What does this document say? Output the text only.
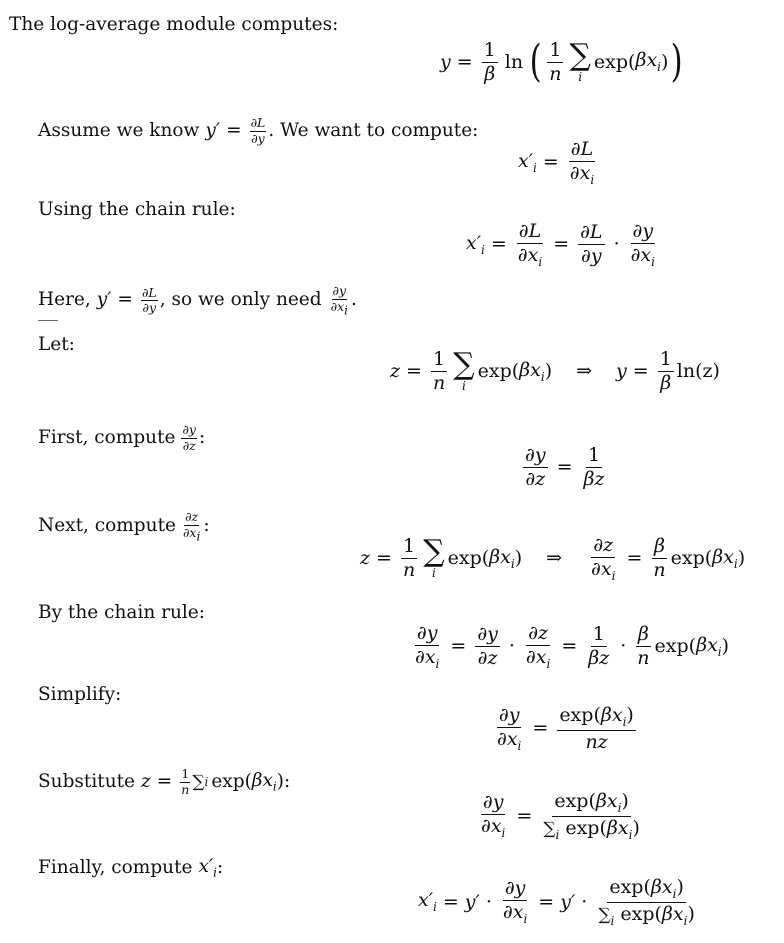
The log-average module computes:
$y = \frac{1}{\beta}$ ln ( $\frac{1}{n}$ ∑
i
exp ( $\beta x_i$ ) )
Assume we know $y' = \frac{\partial L}{\partial y}$ . We want to compute:
$x'_i = \frac{\partial L}{\partial x_i}$
Using the chain rule:
$x'_i = \frac{\partial L}{\partial x_i} = \frac{\partial L}{\partial y} \cdot \frac{\partial y}{\partial x_i}$
Here, $y' = \frac{\partial L}{\partial y}$ , so we only need $\frac{\partial y}{\partial x_i}$ .
Let:
$z = \frac{1}{n}$ ∑
i
exp ( $\beta x_i$ ) ⇒ $y = \frac{1}{\beta} \ln(z)$
First, compute $\frac{\partial y}{\partial z}$ :
$\frac{\partial y}{\partial z} = \frac{1}{\beta z}$
Next, compute $\frac{\partial z}{\partial x_i}$ :
$z = \frac{1}{n}$ ∑
i
exp ( $\beta x_i$ ) ⇒ $\frac{\partial z}{\partial x_i} = \frac{\beta}{n}$ exp ( $\beta x_i$ )
By the chain rule:
$\frac{\partial y}{\partial x_i} = \frac{\partial y}{\partial z} \cdot \frac{\partial z}{\partial x_i} = \frac{1}{\beta z} \cdot \frac{\beta}{n}$ exp ( $\beta x_i$ )
Simplify:
$\frac{\partial y}{\partial x_i} = \frac{\exp(\beta x_i)}{nz}$
Substitute $z = \frac{1}{n}$ ∑ i exp ( $\beta x_i$ ):
$\frac{\partial y}{\partial x_i} = \frac{\exp(\beta x_i)}{\sum_i \exp(\beta x_i)}$
Finally, compute $x'_i$ :
$x'_i = y' \cdot \frac{\partial y}{\partial x_i} = y' \cdot \frac{\exp(\beta x_i)}{\sum_i \exp(\beta x_i)}$
